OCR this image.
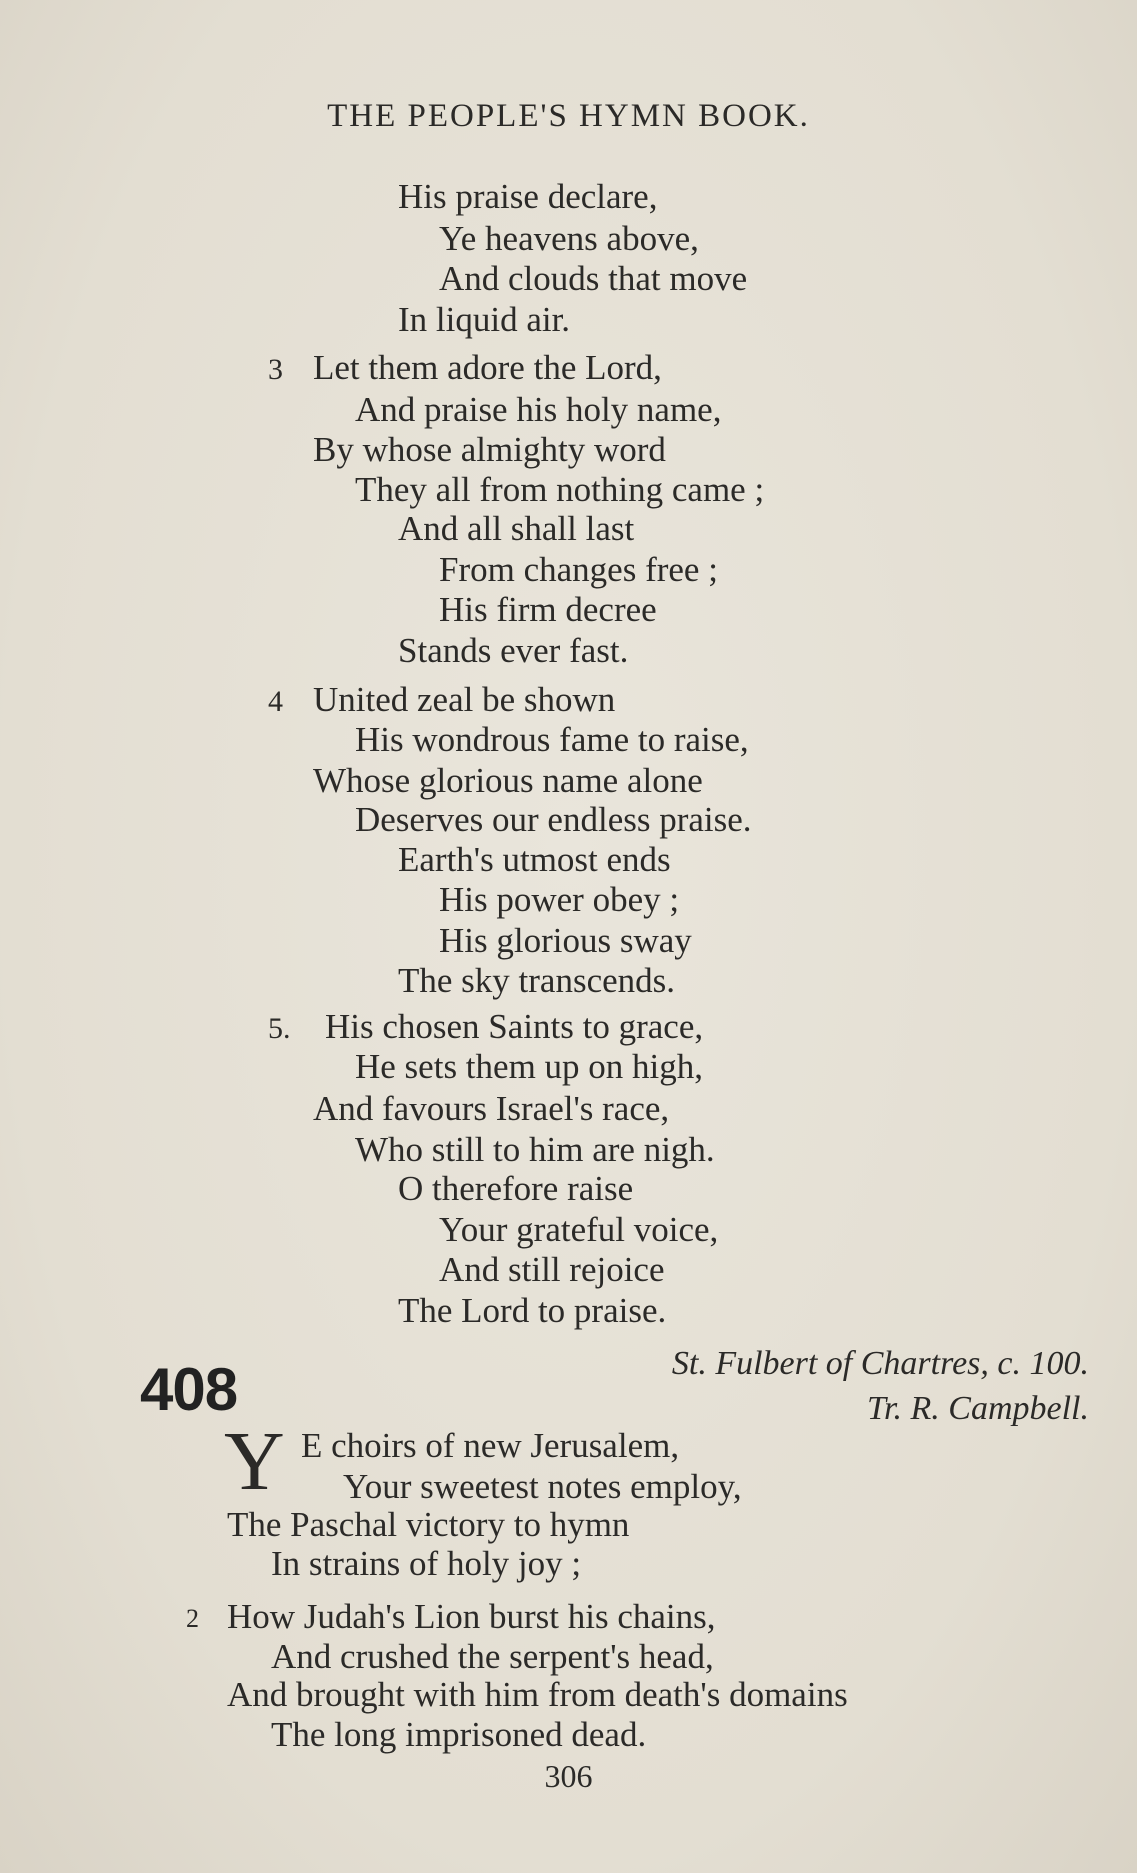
THE PEOPLE'S HYMN BOOK.
His praise declare,
Ye heavens above,
And clouds that move
In liquid air.
3 Let them adore the Lord,
And praise his holy name,
By whose almighty word
They all from nothing came ;
And all shall last
From changes free ;
His firm decree
Stands ever fast.
4 United zeal be shown
His wondrous fame to raise,
Whose glorious name alone
Deserves our endless praise.
Earth's utmost ends
His power obey ;
His glorious sway
The sky transcends.
5. His chosen Saints to grace,
He sets them up on high,
And favours Israel's race,
Who still to him are nigh.
O therefore raise
Your grateful voice,
And still rejoice
The Lord to praise.
408	St. Fulbert of Chartres, c. 100.
Tr. R. Campbell.
Y E choirs of new Jerusalem,
Your sweetest notes employ,
The Paschal victory to hymn
In strains of holy joy ;
2 How Judah's Lion burst his chains,
And crushed the serpent's head,
And brought with him from death's domains
The long imprisoned dead.
306
